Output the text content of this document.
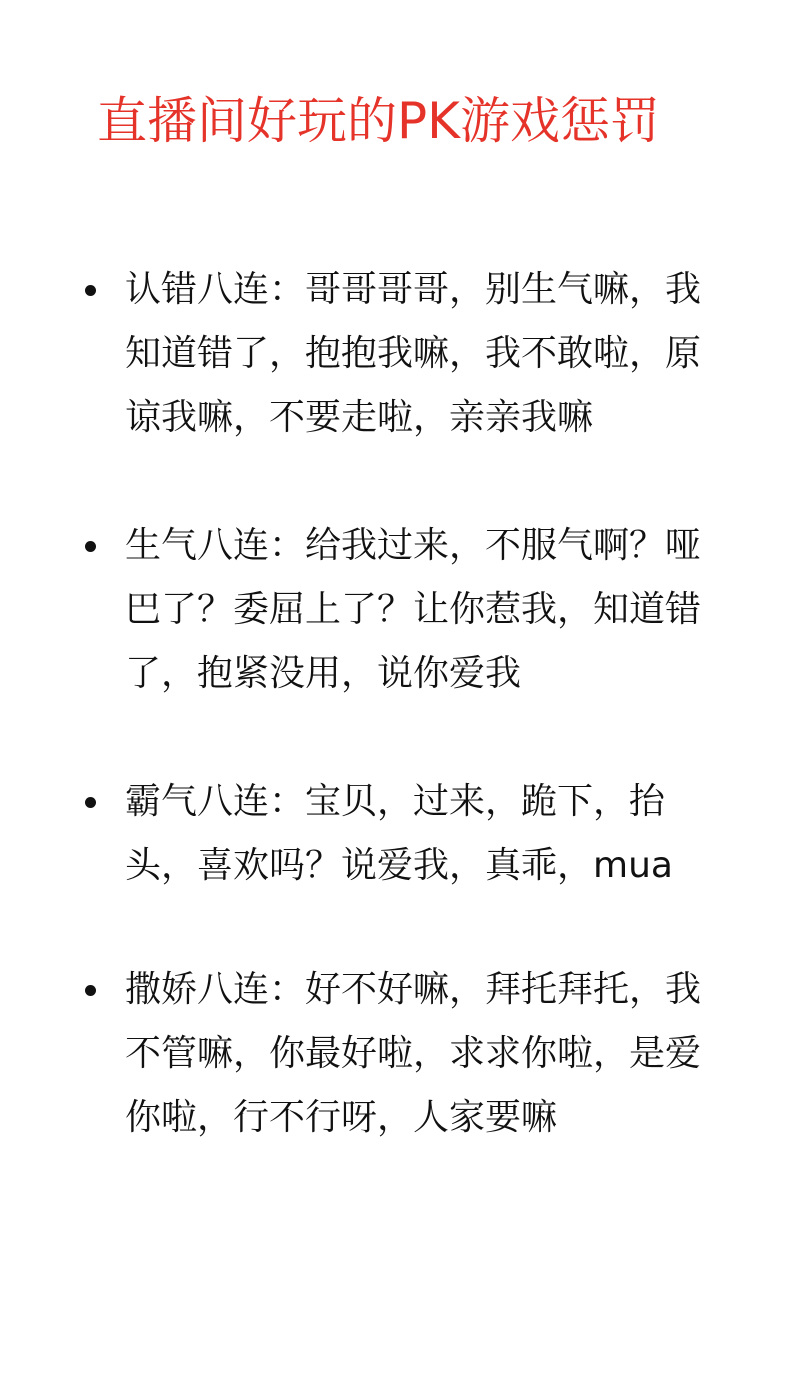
直播间好玩的PK游戏惩罚

认错八连：哥哥哥哥，别生气嘛，我知道错了，抱抱我嘛，我不敢啦，原谅我嘛，不要走啦，亲亲我嘛

生气八连：给我过来，不服气啊？哑巴了？委屈上了？让你惹我，知道错了，抱紧没用，说你爱我

霸气八连：宝贝，过来，跪下，抬头，喜欢吗？说爱我，真乖，mua

撒娇八连：好不好嘛，拜托拜托，我不管嘛，你最好啦，求求你啦，是爱你啦，行不行呀，人家要嘛
